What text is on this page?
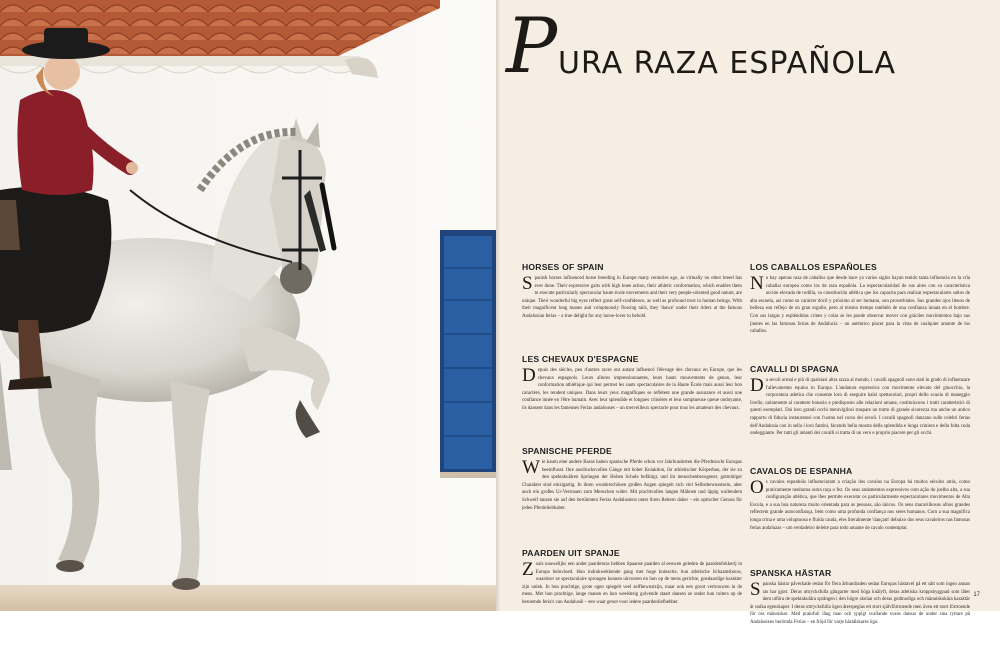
P URA RAZA ESPAÑOLA
HORSES OF SPAIN

Spanish horses influenced horse breeding in Europe many centuries ago, as virtually no other breed has ever done. Their expressive gaits with high knee action, their athletic conformation, which enables them to execute particularly spectacular haute école movements and their very people-oriented good nature, are unique. Their wonderful big eyes reflect great self-confidence, as well as profound trust in human beings. With their magnificent long manes and voluptuously flowing tails, they 'dance' under their riders at the famous Andalusian ferias – a true delight for any horse-lover to behold.

LES CHEVAUX D'ESPAGNE

Depuis des siècles, peu d'autres races ont autant influencé l'élevage des chevaux en Europe, que les chevaux espagnols. Leurs allures impressionnantes, leurs hauts mouvements de genou, leur conformation athlétique qui leur permet les sauts spectaculaires de la Haute École mais aussi leur bon caractère, les rendent uniques. Dans leurs yeux magnifiques se reflètent une grande assurance et aussi une confiance innée en l'être humain. Avec leur splendide et longues crinières et leur somptueuse queue ondoyante, ils dansent dans les fameuses Ferias andalouses – un merveilleux spectacle pour tous les amateurs des chevaux.

SPANISCHE PFERDE

Wie kaum eine andere Rasse haben spanische Pferde schon vor Jahrhunderten die Pferdezucht Europas beeinflusst. Ihre ausdrucksvollen Gänge mit hoher Kniaktion, ihr athletischer Körperbau, der sie zu den spektakulären Sprüngen der Hohen Schule befähigt, und ihr menschenbezogener, gutmütiger Charakter sind einzigartig. In ihren wunderschönen großen Augen spiegelt sich viel Selbstbewusstsein, aber auch ein großes Ur-Vertrauen zum Menschen wider. Mit prachtvollen langen Mähnen und üppig wallendem Schweif tanzen sie auf den berühmten Ferias Andalusiens unter ihren Reitern daher – ein optischer Genuss für jeden Pferdeliebhaber.

PAARDEN UIT SPANJE

Zoals nauwelijks een ander paardenras hebben Spaanse paarden al eeuwen geleden de paardenfokkerij in Europa beïnvloed. Hun indrukwekkende gang met hoge knieactie, hun atletische lichaamsbouw, waardoor ze spectaculaire sprongen kunnen uitvoeren en hun op de mens gerichte, goedaardige karakter zijn uniek. In hun prachtige, grote ogen spiegelt veel zelfbewustzijn, maar ook een groot vertrouwen in de mens. Met hun prachtige, lange manen en hun weelderig golvende staart dansen ze onder hun ruiters op de beroemde feria's van Andalusië – een waar genot voor iedere paardenliefhebber.

LOS CABALLOS ESPAÑOLES

No hay apenas raza de caballos que desde hace ya varios siglos hayan tenido tanta influencia en la cría caballar europea como los de raza española. La espectacularidad de sus aires con su característica acción elevada de rodilla, su constitución atlética que los capacita para realizar espectaculares saltos de alta escuela, así como su carácter dócil y próximo al ser humano, son proverbiales. Sus grandes ojos llenos de belleza son reflejo de un gran orgullo, pero al mismo tiempo también de una confianza innata en el hombre. Con sus largas y espléndidas crines y colas se les puede observar mover con gráciles movimientos bajo sus jinetes en las famosas ferias de Andalucía – un auténtico placer para la vista de cualquier amante de los caballos.

CAVALLI DI SPAGNA

Da secoli ormai e più di qualsiasi altra razza al mondo, i cavalli spagnoli sono stati in grado di influenzare l'allevamento equino in Europa. L'andatura espressiva con movimento elevato del ginocchio, la corporatura atletica che consente loro di eseguire balzi spettacolari, propri dello scuola di maneggio livello, unitamente al carattere bonario e predisposto alle relazioni umane, costituiscono i tratti caratteristici di questi esemplari. Dai loro grandi occhi meravigliosi traspare un tratto di grande sicurezza ma anche un antico rapporto di fiducia instauratosi con l'uomo nel corso dei secoli. I cavalli spagnoli danzano sulle celebri ferias dell'Andalusia con in sella i loro fantini, facendo bella mostra della splendida e lunga criniera e della folta coda ondeggiante. Per tutti gli amanti dei cavalli si tratta di un vero e proprio piacere per gli occhi.

CAVALOS DE ESPANHA

Os cavalos espanhóis influenciaram a criação dos cavalos na Europa há muitos séculos atrás, como praticamente nenhuma outra raça o fez. Os seus andamentos expressivos com ação do joelho alta, a sua configuração atlética, que lhes permite executar os particularmente espectaculares movimentos de Alta Escola, e a sua boa natureza muito orientada para as pessoas, são únicos. Os seus maravilhosos olhos grandes reflectem grande autoconfiança, bem como uma profunda confiança nos seres humanos. Com a sua magnífica longa crina e uma voluptuosa e fluída cauda, eles literalmente 'dançam' debaixo dos seus cavaleiros nas famosas ferias andaluzas – um verdadeiro deleite para todo amante de cavalo contemplar.

SPANSKA HÄSTAR

Spanska hästar påverkade redan för flera århundraden sedan Europas hästavel på ett sätt som ingen annan ras har gjort. Deras uttrycksfulla gångarter med höga knälyft, deras atletiska kroppsbyggnad som låter dem utföra de spektakulära sprången i den högre skolan och deras godmodiga och människokära karaktär är unika egenskaper. I deras uttrycksfulla ögon återspeglas ett stort självförtroende men även ett stort förtroende för oss människor. Med praktfull lång man och yppigt svallande svans dansar de under sina ryttare på Andalusiens berömda Ferias – en fröjd för varje hästälskares öga.

17
